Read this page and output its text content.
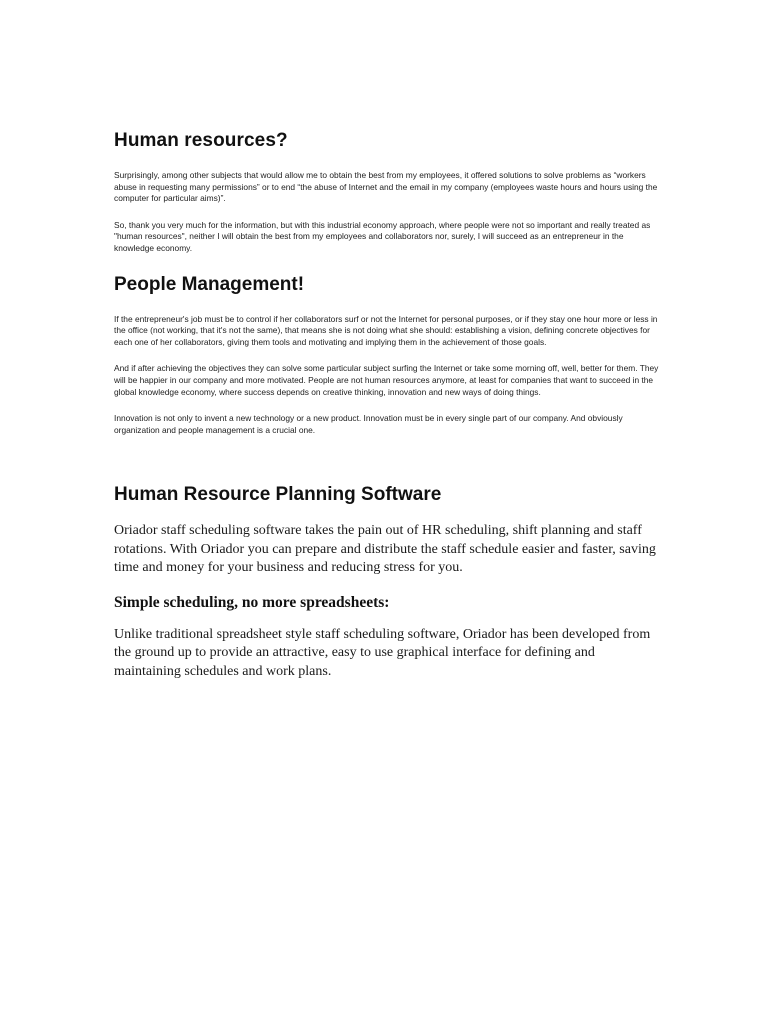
Human resources?

Surprisingly, among other subjects that would allow me to obtain the best from my employees, it offered solutions to solve problems as “workers abuse in requesting many permissions” or to end “the abuse of Internet and the email in my company (employees waste hours and hours using the computer for particular aims)”.

So, thank you very much for the information, but with this industrial economy approach, where people were not so important and really treated as "human resources", neither I will obtain the best from my employees and collaborators nor, surely, I will succeed as an entrepreneur in the knowledge economy.

People Management!

If the entrepreneur's job must be to control if her collaborators surf or not the Internet for personal purposes, or if they stay one hour more or less in the office (not working, that it's not the same), that means she is not doing what she should: establishing a vision, defining concrete objectives for each one of her collaborators, giving them tools and motivating and implying them in the achievement of those goals.

And if after achieving the objectives they can solve some particular subject surfing the Internet or take some morning off, well, better for them. They will be happier in our company and more motivated. People are not human resources anymore, at least for companies that want to succeed in the global knowledge economy, where success depends on creative thinking, innovation and new ways of doing things.

Innovation is not only to invent a new technology or a new product. Innovation must be in every single part of our company. And obviously organization and people management is a crucial one.

Human Resource Planning Software

Oriador staff scheduling software takes the pain out of HR scheduling, shift planning and staff rotations. With Oriador you can prepare and distribute the staff schedule easier and faster, saving time and money for your business and reducing stress for you.

Simple scheduling, no more spreadsheets:

Unlike traditional spreadsheet style staff scheduling software, Oriador has been developed from the ground up to provide an attractive, easy to use graphical interface for defining and maintaining schedules and work plans.
